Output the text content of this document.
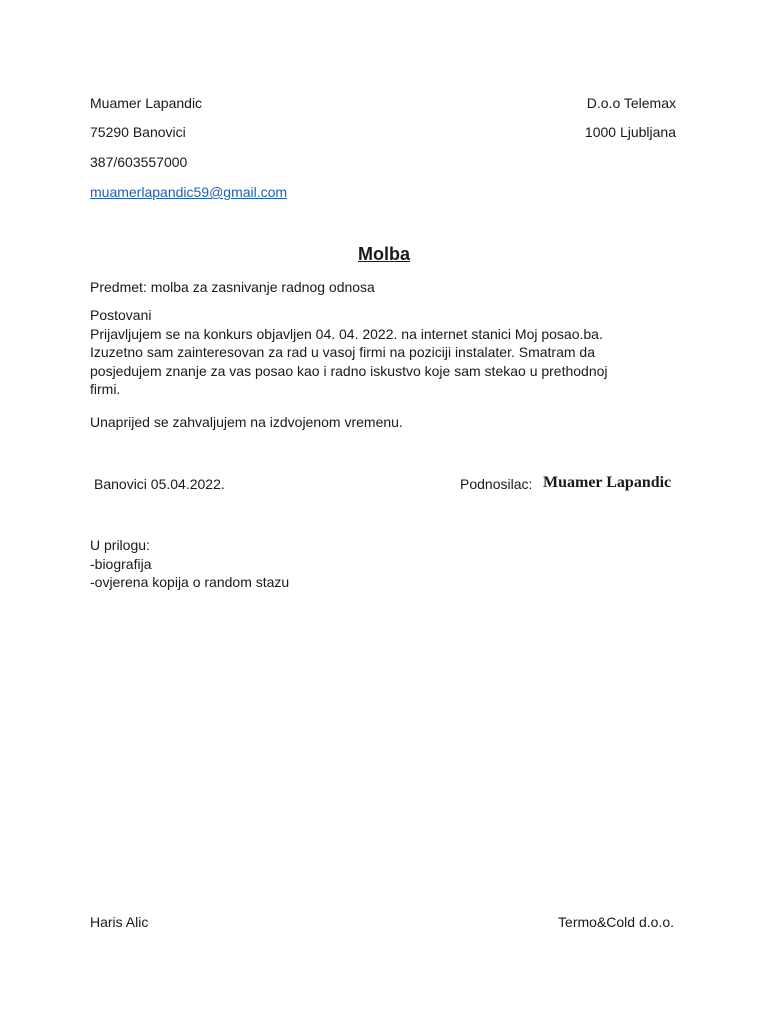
Muamer Lapandic
75290 Banovici
387/603557000
muamerlapandic59@gmail.com
D.o.o Telemax
1000 Ljubljana
Molba
Predmet: molba za zasnivanje radnog odnosa
Postovani
Prijavljujem se na konkurs objavljen 04. 04. 2022. na internet stanici Moj posao.ba.
Izuzetno sam zainteresovan za rad u vasoj firmi na poziciji instalater. Smatram da
posjedujem znanje za vas posao kao i radno iskustvo koje sam stekao u prethodnoj
firmi.
Unaprijed se zahvaljujem na izdvojenom vremenu.
Banovici 05.04.2022.	Podnosilac: Muamer Lapandic
U prilogu:
-biografija
-ovjerena kopija o random stazu
Haris Alic	Termo&Cold d.o.o.
